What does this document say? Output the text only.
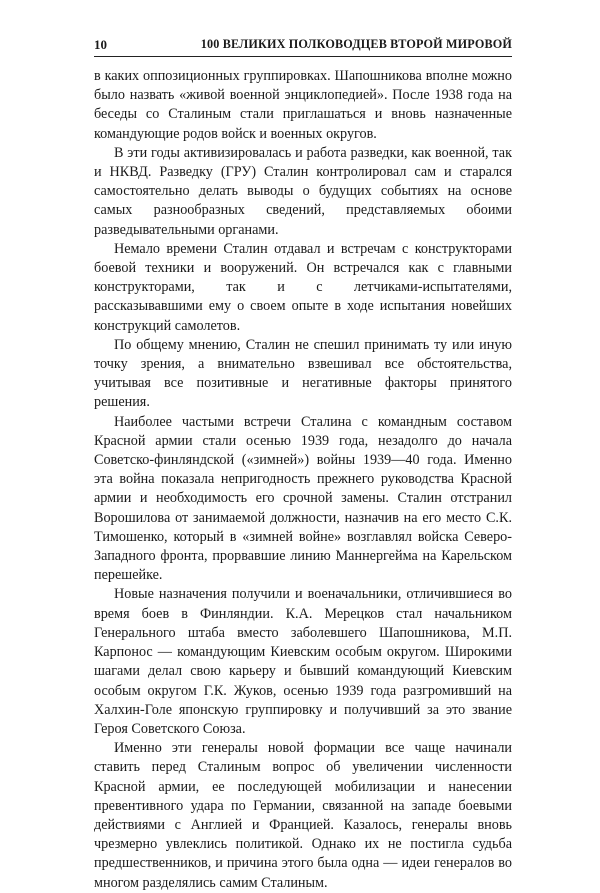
10	100 ВЕЛИКИХ ПОЛКОВОДЦЕВ ВТОРОЙ МИРОВОЙ

в каких оппозиционных группировках. Шапошникова вполне можно было назвать «живой военной энциклопедией». После 1938 года на беседы со Сталиным стали приглашаться и вновь назначенные командующие родов войск и военных округов.

В эти годы активизировалась и работа разведки, как военной, так и НКВД. Разведку (ГРУ) Сталин контролировал сам и старался самостоятельно делать выводы о будущих событиях на основе самых разнообразных сведений, представляемых обоими разведывательными органами.

Немало времени Сталин отдавал и встречам с конструкторами боевой техники и вооружений. Он встречался как с главными конструкторами, так и с летчиками-испытателями, рассказывавшими ему о своем опыте в ходе испытания новейших конструкций самолетов.

По общему мнению, Сталин не спешил принимать ту или иную точку зрения, а внимательно взвешивал все обстоятельства, учитывая все позитивные и негативные факторы принятого решения.

Наиболее частыми встречи Сталина с командным составом Красной армии стали осенью 1939 года, незадолго до начала Советско-финляндской («зимней») войны 1939—40 года. Именно эта война показала непригодность прежнего руководства Красной армии и необходимость его срочной замены. Сталин отстранил Ворошилова от занимаемой должности, назначив на его место С.К. Тимошенко, который в «зимней войне» возглавлял войска Северо-Западного фронта, прорвавшие линию Маннергейма на Карельском перешейке.

Новые назначения получили и военачальники, отличившиеся во время боев в Финляндии. К.А. Мерецков стал начальником Генерального штаба вместо заболевшего Шапошникова, М.П. Карпонос — командующим Киевским особым округом. Широкими шагами делал свою карьеру и бывший командующий Киевским особым округом Г.К. Жуков, осенью 1939 года разгромивший на Халхин-Голе японскую группировку и получивший за это звание Героя Советского Союза.

Именно эти генералы новой формации все чаще начинали ставить перед Сталиным вопрос об увеличении численности Красной армии, ее последующей мобилизации и нанесении превентивного удара по Германии, связанной на западе боевыми действиями с Англией и Францией. Казалось, генералы вновь чрезмерно увлеклись политикой. Однако их не постигла судьба предшественников, и причина этого была одна — идеи генералов во многом разделялись самим Сталиным.
